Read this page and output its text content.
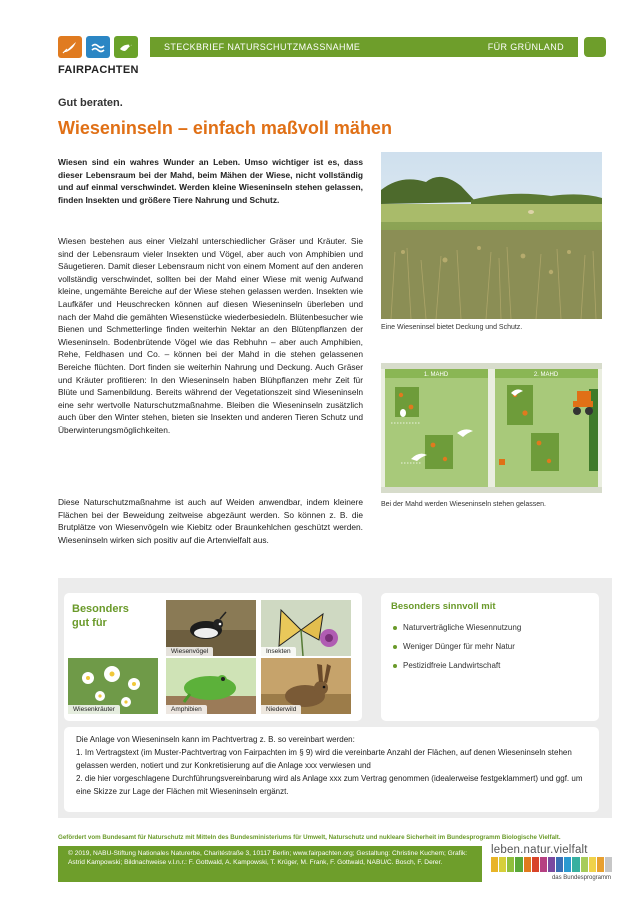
FAIRPACHTEN
STECKBRIEF NATURSCHUTZMASSNAHME	FÜR GRÜNLAND
Gut beraten.
Wieseninseln – einfach maßvoll mähen
Wiesen sind ein wahres Wunder an Leben. Umso wichtiger ist es, dass dieser Lebensraum bei der Mahd, beim Mähen der Wiese, nicht vollständig und auf einmal verschwindet. Werden kleine Wieseninseln stehen gelassen, finden Insekten und größere Tiere Nahrung und Schutz.
Wiesen bestehen aus einer Vielzahl unterschiedlicher Gräser und Kräuter. Sie sind der Lebensraum vieler Insekten und Vögel, aber auch von Amphibien und Säugetieren. Damit dieser Lebensraum nicht von einem Moment auf den anderen vollständig verschwindet, sollten bei der Mahd einer Wiese mit wenig Aufwand kleine, ungemähte Bereiche auf der Wiese stehen gelassen werden. Insekten wie Laufkäfer und Heuschrecken können auf diesen Wieseninseln überleben und nach der Mahd die gemähten Wiesenstücke wiederbesiedeln. Blütenbesucher wie Bienen und Schmetterlinge finden weiterhin Nektar an den Blütenpflanzen der Wieseninseln. Bodenbrütende Vögel wie das Rebhuhn – aber auch Amphibien, Rehe, Feldhasen und Co. – können bei der Mahd in die stehen gelassenen Bereiche flüchten. Dort finden sie weiterhin Nahrung und Deckung. Auch Gräser und Kräuter profitieren: In den Wieseninseln haben Blühpflanzen mehr Zeit für Blüte und Samenbildung. Bereits während der Vegetationszeit sind Wieseninseln eine sehr wertvolle Naturschutzmaßnahme. Bleiben die Wieseninseln zusätzlich auch über den Winter stehen, bieten sie Insekten und anderen Tieren Schutz und Überwinterungsmöglichkeiten.
Diese Naturschutzmaßnahme ist auch auf Weiden anwendbar, indem kleinere Flächen bei der Beweidung zeitweise abgezäunt werden. So können z. B. die Brutplätze von Wiesenvögeln wie Kiebitz oder Braunkehlchen geschützt werden. Wieseninseln wirken sich positiv auf die Artenvielfalt aus.
Eine Wieseninsel bietet Deckung und Schutz.
1. MAHD	2. MAHD
Bei der Mahd werden Wieseninseln stehen gelassen.
Besonders
gut für
Wiesenvögel	Insekten
Wiesenkräuter	Amphibien	Niederwild
Besonders sinnvoll mit
Naturverträgliche Wiesennutzung
Weniger Dünger für mehr Natur
Pestizidfreie Landwirtschaft

Die Anlage von Wieseninseln kann im Pachtvertrag z. B. so vereinbart werden:

1. Im Vertragstext (im Muster-Pachtvertrag von Fairpachten im § 9) wird die vereinbarte Anzahl der Flächen, auf denen Wieseninseln stehen gelassen werden, notiert und zur Konkretisierung auf die Anlage xxx verwiesen und

2. die hier vorgeschlagene Durchführungsvereinbarung wird als Anlage xxx zum Vertrag genommen (idealerweise festgeklammert) und ggf. um eine Skizze zur Lage der Flächen mit Wieseninseln ergänzt.

Gefördert vom Bundesamt für Naturschutz mit Mitteln des Bundesministeriums für Umwelt, Naturschutz und nukleare Sicherheit im Bundesprogramm Biologische Vielfalt.
© 2019, NABU-Stiftung Nationales Naturerbe, Charitéstraße 3, 10117 Berlin; www.fairpachten.org; Gestaltung: Christine Kuchem; Grafik: Astrid Kampowski; Bildnachweise v.l.n.r.: F. Gottwald, A. Kampowski, T. Krüger, M. Frank, F. Gottwald, NABU/C. Bosch, F. Derer.
leben.natur.vielfalt
das Bundesprogramm
